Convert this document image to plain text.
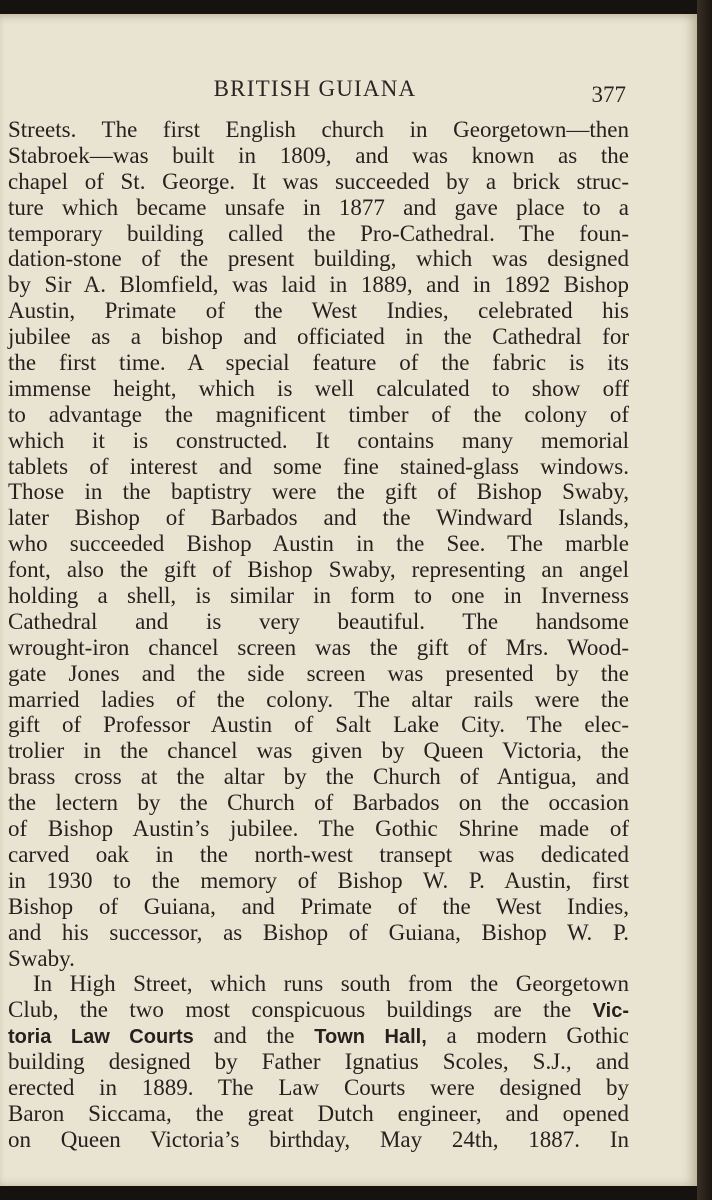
BRITISH GUIANA	377
Streets. The first English church in Georgetown—then
Stabroek—was built in 1809, and was known as the
chapel of St. George. It was succeeded by a brick struc-
ture which became unsafe in 1877 and gave place to a
temporary building called the Pro-Cathedral. The foun-
dation-stone of the present building, which was designed
by Sir A. Blomfield, was laid in 1889, and in 1892 Bishop
Austin, Primate of the West Indies, celebrated his
jubilee as a bishop and officiated in the Cathedral for
the first time. A special feature of the fabric is its
immense height, which is well calculated to show off
to advantage the magnificent timber of the colony of
which it is constructed. It contains many memorial
tablets of interest and some fine stained-glass windows.
Those in the baptistry were the gift of Bishop Swaby,
later Bishop of Barbados and the Windward Islands,
who succeeded Bishop Austin in the See. The marble
font, also the gift of Bishop Swaby, representing an angel
holding a shell, is similar in form to one in Inverness
Cathedral and is very beautiful. The handsome
wrought-iron chancel screen was the gift of Mrs. Wood-
gate Jones and the side screen was presented by the
married ladies of the colony. The altar rails were the
gift of Professor Austin of Salt Lake City. The elec-
trolier in the chancel was given by Queen Victoria, the
brass cross at the altar by the Church of Antigua, and
the lectern by the Church of Barbados on the occasion
of Bishop Austin’s jubilee. The Gothic Shrine made of
carved oak in the north-west transept was dedicated
in 1930 to the memory of Bishop W. P. Austin, first
Bishop of Guiana, and Primate of the West Indies,
and his successor, as Bishop of Guiana, Bishop W. P.
Swaby.
In High Street, which runs south from the Georgetown
Club, the two most conspicuous buildings are the Vic-
toria Law Courts and the Town Hall, a modern Gothic
building designed by Father Ignatius Scoles, S.J., and
erected in 1889. The Law Courts were designed by
Baron Siccama, the great Dutch engineer, and opened
on Queen Victoria’s birthday, May 24th, 1887. In
